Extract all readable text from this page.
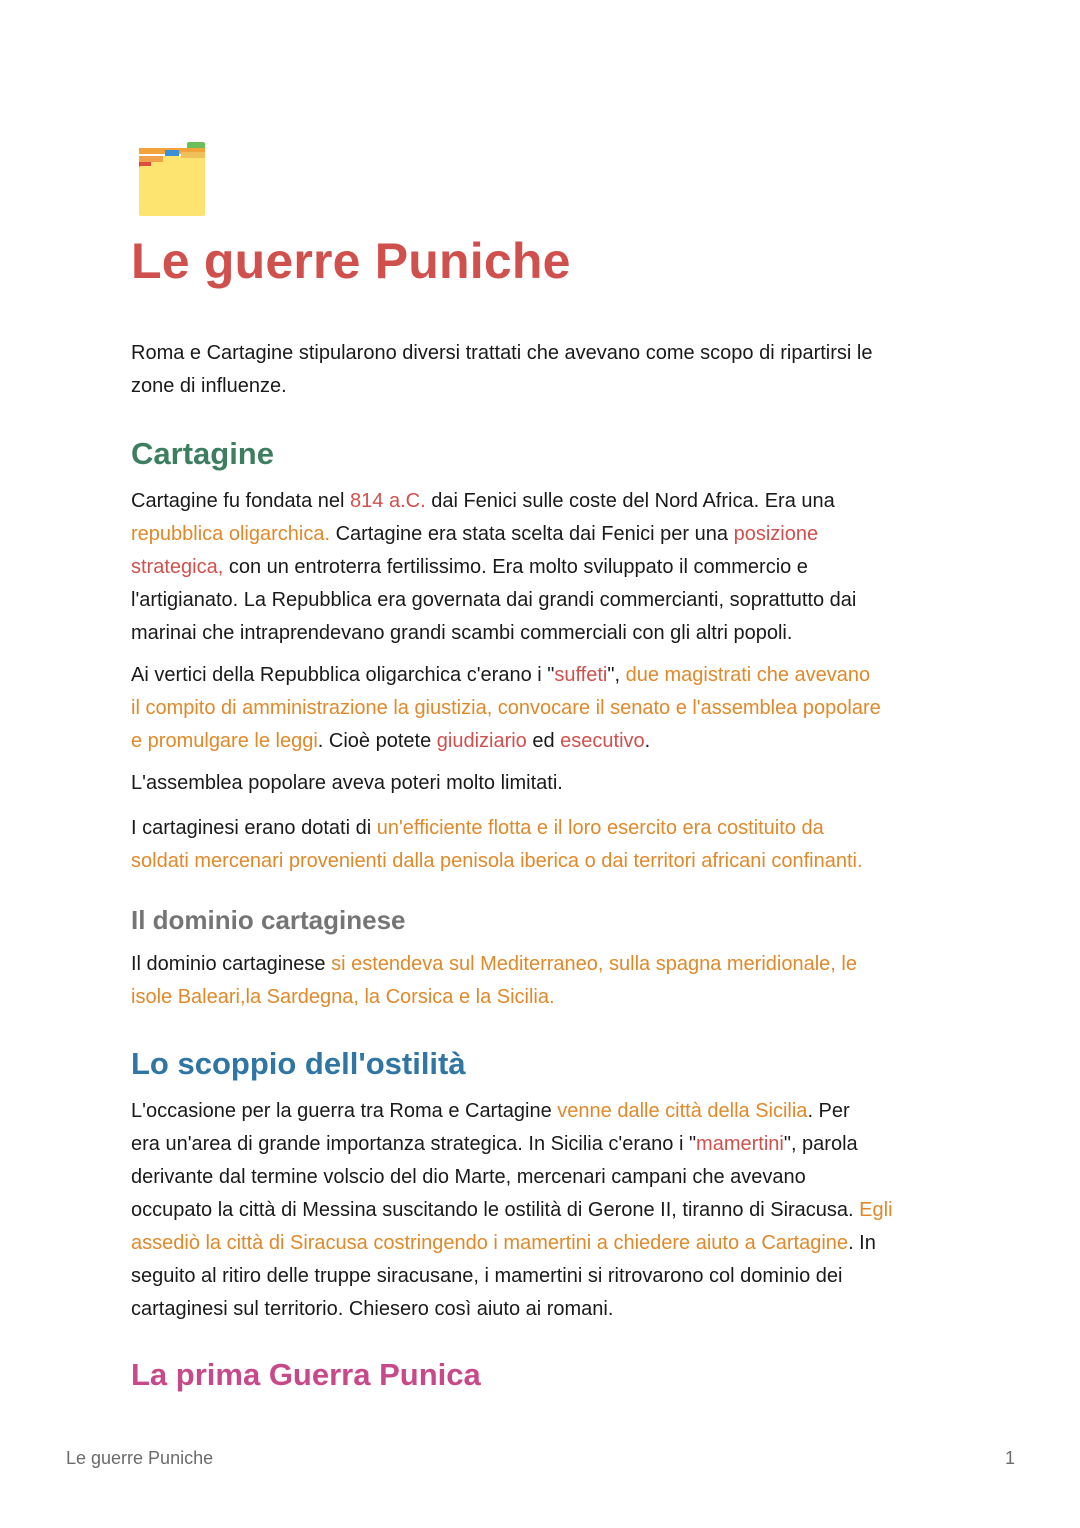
Le guerre Puniche

Roma e Cartagine stipularono diversi trattati che avevano come scopo di ripartirsi le
zone di influenze.

Cartagine

Cartagine fu fondata nel 814 a.C. dai Fenici sulle coste del Nord Africa. Era una
repubblica oligarchica. Cartagine era stata scelta dai Fenici per una posizione
strategica, con un entroterra fertilissimo. Era molto sviluppato il commercio e
l'artigianato. La Repubblica era governata dai grandi commercianti, soprattutto dai
marinai che intraprendevano grandi scambi commerciali con gli altri popoli.

Ai vertici della Repubblica oligarchica c'erano i "suffeti", due magistrati che avevano
il compito di amministrazione la giustizia, convocare il senato e l'assemblea popolare
e promulgare le leggi. Cioè potete giudiziario ed esecutivo.

L'assemblea popolare aveva poteri molto limitati.

I cartaginesi erano dotati di un'efficiente flotta e il loro esercito era costituito da
soldati mercenari provenienti dalla penisola iberica o dai territori africani confinanti.

Il dominio cartaginese

Il dominio cartaginese si estendeva sul Mediterraneo, sulla spagna meridionale, le
isole Baleari,la Sardegna, la Corsica e la Sicilia.

Lo scoppio dell'ostilità

L'occasione per la guerra tra Roma e Cartagine venne dalle città della Sicilia. Per
era un'area di grande importanza strategica. In Sicilia c'erano i "mamertini", parola
derivante dal termine volscio del dio Marte, mercenari campani che avevano
occupato la città di Messina suscitando le ostilità di Gerone II, tiranno di Siracusa. Egli
assediò la città di Siracusa costringendo i mamertini a chiedere aiuto a Cartagine. In
seguito al ritiro delle truppe siracusane, i mamertini si ritrovarono col dominio dei
cartaginesi sul territorio. Chiesero così aiuto ai romani.

La prima Guerra Punica
Le guerre Puniche	1
